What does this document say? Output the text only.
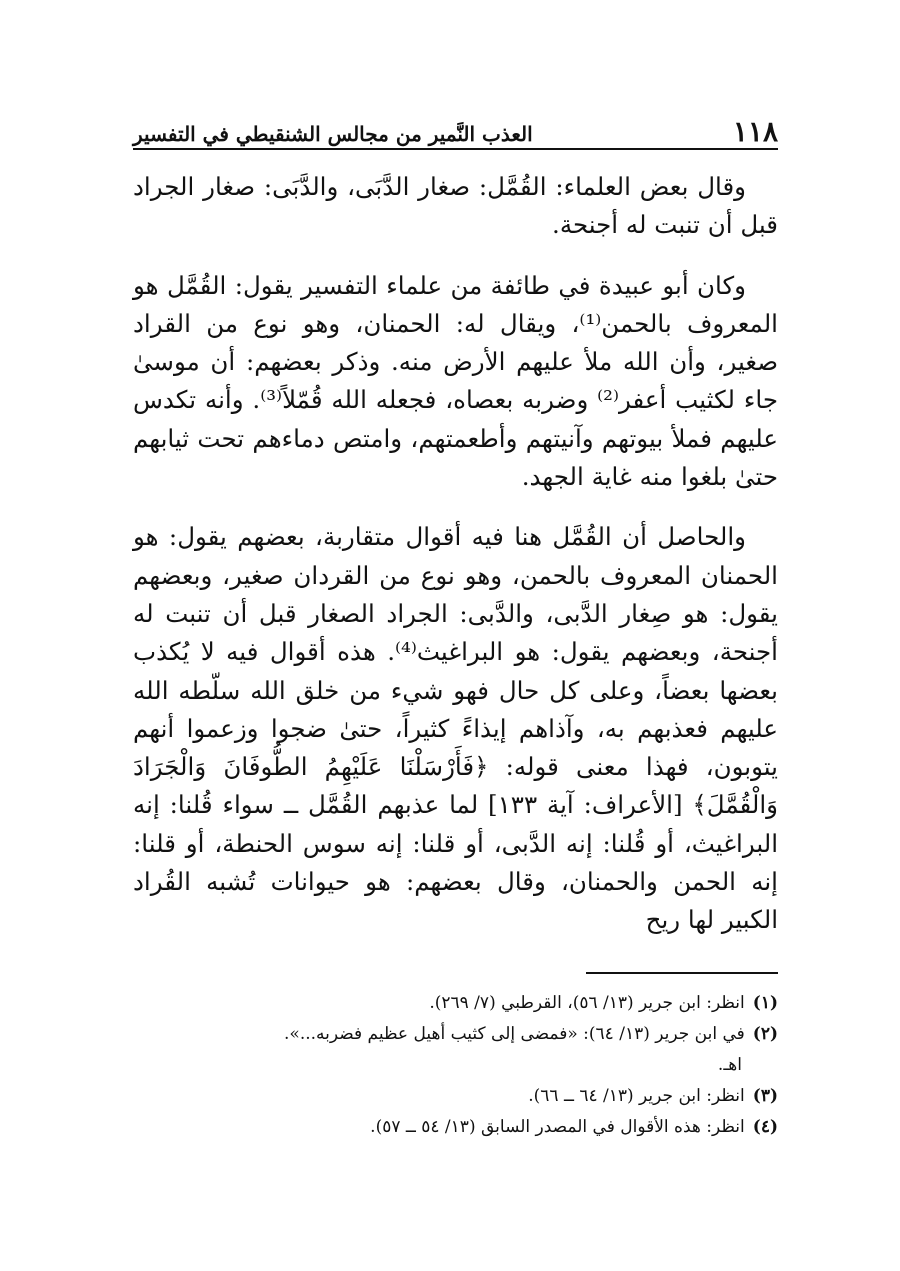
١١٨
العذب النَّمير من مجالس الشنقيطي في التفسير

وقال بعض العلماء: القُمَّل: صغار الدَّبَى، والدَّبَى: صغار الجراد قبل أن تنبت له أجنحة.

وكان أبو عبيدة في طائفة من علماء التفسير يقول: القُمَّل هو المعروف بالحمن⁽¹⁾، ويقال له: الحمنان، وهو نوع من القراد صغير، وأن الله ملأ عليهم الأرض منه. وذكر بعضهم: أن موسىٰ جاء لكثيب أعفر⁽²⁾ وضربه بعصاه، فجعله الله قُمّلاً⁽³⁾. وأنه تكدس عليهم فملأ بيوتهم وآنيتهم وأطعمتهم، وامتص دماءهم تحت ثيابهم حتىٰ بلغوا منه غاية الجهد.

والحاصل أن القُمَّل هنا فيه أقوال متقاربة، بعضهم يقول: هو الحمنان المعروف بالحمن، وهو نوع من القردان صغير، وبعضهم يقول: هو صِغار الدَّبى، والدَّبى: الجراد الصغار قبل أن تنبت له أجنحة، وبعضهم يقول: هو البراغيث⁽⁴⁾. هذه أقوال فيه لا يُكذب بعضها بعضاً، وعلى كل حال فهو شيء من خلق الله سلّطه الله عليهم فعذبهم به، وآذاهم إيذاءً كثيراً، حتىٰ ضجوا وزعموا أنهم يتوبون، فهذا معنى قوله: ﴿فَأَرْسَلْنَا عَلَيْهِمُ الطُّوفَانَ وَالْجَرَادَ وَالْقُمَّلَ﴾ [الأعراف: آية ١٣٣] لما عذبهم القُمَّل ــ سواء قُلنا: إنه البراغيث، أو قُلنا: إنه الدَّبى، أو قلنا: إنه سوس الحنطة، أو قلنا: إنه الحمن والحمنان، وقال بعضهم: هو حيوانات تُشبه القُراد الكبير لها ريح

(١)انظر: ابن جرير (١٣/ ٥٦)، القرطبي (٧/ ٢٦٩).
(٢)في ابن جرير (١٣/ ٦٤): «فمضى إلى كثيب أهيل عظيم فضربه...».
اهـ.
(٣)انظر: ابن جرير (١٣/ ٦٤ ــ ٦٦).
(٤)انظر: هذه الأقوال في المصدر السابق (١٣/ ٥٤ ــ ٥٧).
